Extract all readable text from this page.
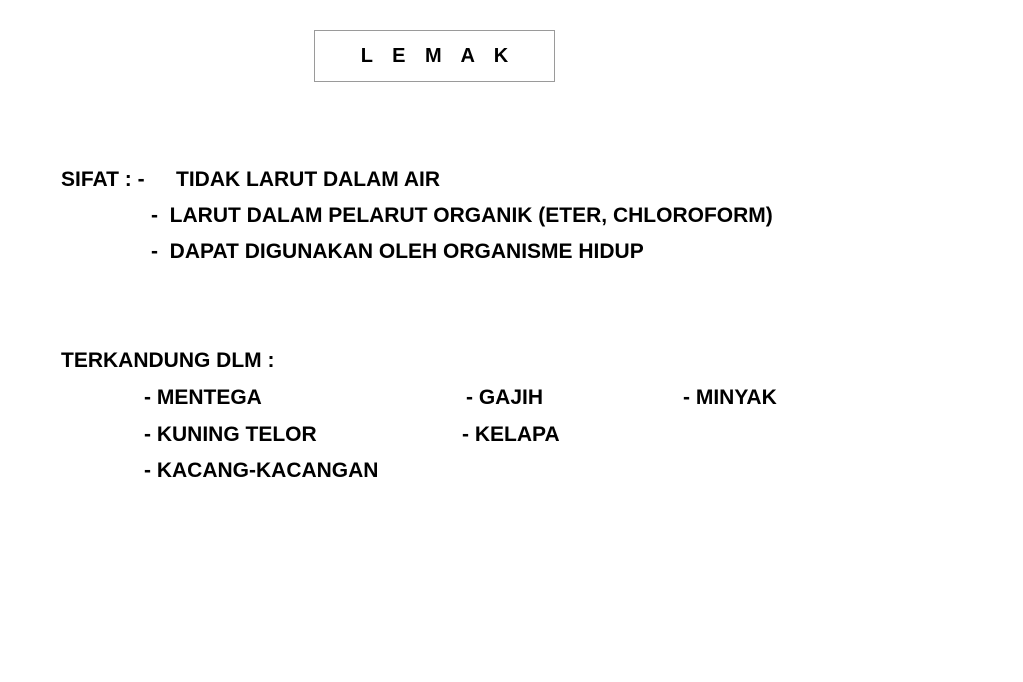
L E M A K
SIFAT : - TIDAK LARUT DALAM AIR
-  LARUT DALAM PELARUT ORGANIK (ETER, CHLOROFORM)
-  DAPAT DIGUNAKAN OLEH ORGANISME HIDUP
TERKANDUNG DLM :
- MENTEGA	- GAJIH	- MINYAK
- KUNING TELOR	- KELAPA
- KACANG-KACANGAN
